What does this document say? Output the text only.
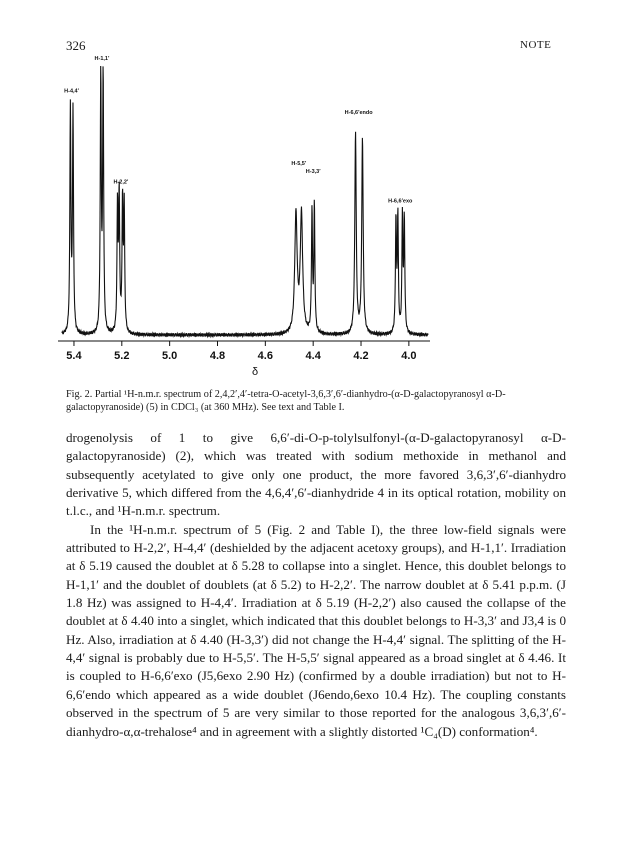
326	NOTE
5.4	5.2	5.0	4.8	4.6	4.4	4.2	4.0
H-1,1′
H-4,4′
H-2,2′
H-5,5′
H-3,3′
H-6,6′endo
H-6,6′exo
δ
Fig. 2. Partial ¹H-n.m.r. spectrum of 2,4,2′,4′-tetra-O-acetyl-3,6,3′,6′-dianhydro-(α-D-galactopyranosyl α-D-galactopyranoside) (5) in CDCl₃ (at 360 MHz). See text and Table I.

drogenolysis of 1 to give 6,6′-di-O-p-tolylsulfonyl-(α-D-galactopyranosyl α-D-galactopyranoside) (2), which was treated with sodium methoxide in methanol and subsequently acetylated to give only one product, the more favored 3,6,3′,6′-dianhydro derivative 5, which differed from the 4,6,4′,6′-dianhydride 4 in its optical rotation, mobility on t.l.c., and ¹H-n.m.r. spectrum.

In the ¹H-n.m.r. spectrum of 5 (Fig. 2 and Table I), the three low-field signals were attributed to H-2,2′, H-4,4′ (deshielded by the adjacent acetoxy groups), and H-1,1′. Irradiation at δ 5.19 caused the doublet at δ 5.28 to collapse into a singlet. Hence, this doublet belongs to H-1,1′ and the doublet of doublets (at δ 5.2) to H-2,2′. The narrow doublet at δ 5.41 p.p.m. (J 1.8 Hz) was assigned to H-4,4′. Irradiation at δ 5.19 (H-2,2′) also caused the collapse of the doublet at δ 4.40 into a singlet, which indicated that this doublet belongs to H-3,3′ and J3,4 is 0 Hz. Also, irradiation at δ 4.40 (H-3,3′) did not change the H-4,4′ signal. The splitting of the H-4,4′ signal is probably due to H-5,5′. The H-5,5′ signal appeared as a broad singlet at δ 4.46. It is coupled to H-6,6′exo (J5,6exo 2.90 Hz) (confirmed by a double irradiation) but not to H-6,6′endo which appeared as a wide doublet (J6endo,6exo 10.4 Hz). The coupling constants observed in the spectrum of 5 are very similar to those reported for the analogous 3,6,3′,6′-dianhydro-α,α-trehalose⁴ and in agreement with a slightly distorted ¹C₄(D) conformation⁴.
